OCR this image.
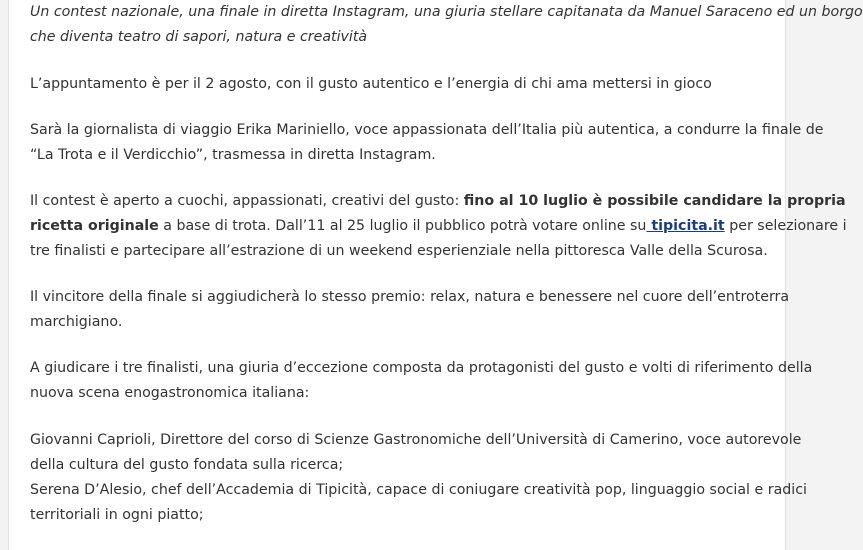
Un contest nazionale, una finale in diretta Instagram, una giuria stellare capitanata da Manuel Saraceno ed un borgo
che diventa teatro di sapori, natura e creatività

L’appuntamento è per il 2 agosto, con il gusto autentico e l’energia di chi ama mettersi in gioco

Sarà la giornalista di viaggio Erika Mariniello, voce appassionata dell’Italia più autentica, a condurre la finale de
“La Trota e il Verdicchio”, trasmessa in diretta Instagram.

Il contest è aperto a cuochi, appassionati, creativi del gusto: fino al 10 luglio è possibile candidare la propria
ricetta originale a base di trota. Dall’11 al 25 luglio il pubblico potrà votare online su tipicita.it per selezionare i
tre finalisti e partecipare all’estrazione di un weekend esperienziale nella pittoresca Valle della Scurosa.

Il vincitore della finale si aggiudicherà lo stesso premio: relax, natura e benessere nel cuore dell’entroterra
marchigiano.

A giudicare i tre finalisti, una giuria d’eccezione composta da protagonisti del gusto e volti di riferimento della
nuova scena enogastronomica italiana:

Giovanni Caprioli, Direttore del corso di Scienze Gastronomiche dell’Università di Camerino, voce autorevole
della cultura del gusto fondata sulla ricerca;
Serena D’Alesio, chef dell’Accademia di Tipicità, capace di coniugare creatività pop, linguaggio social e radici
territoriali in ogni piatto;
